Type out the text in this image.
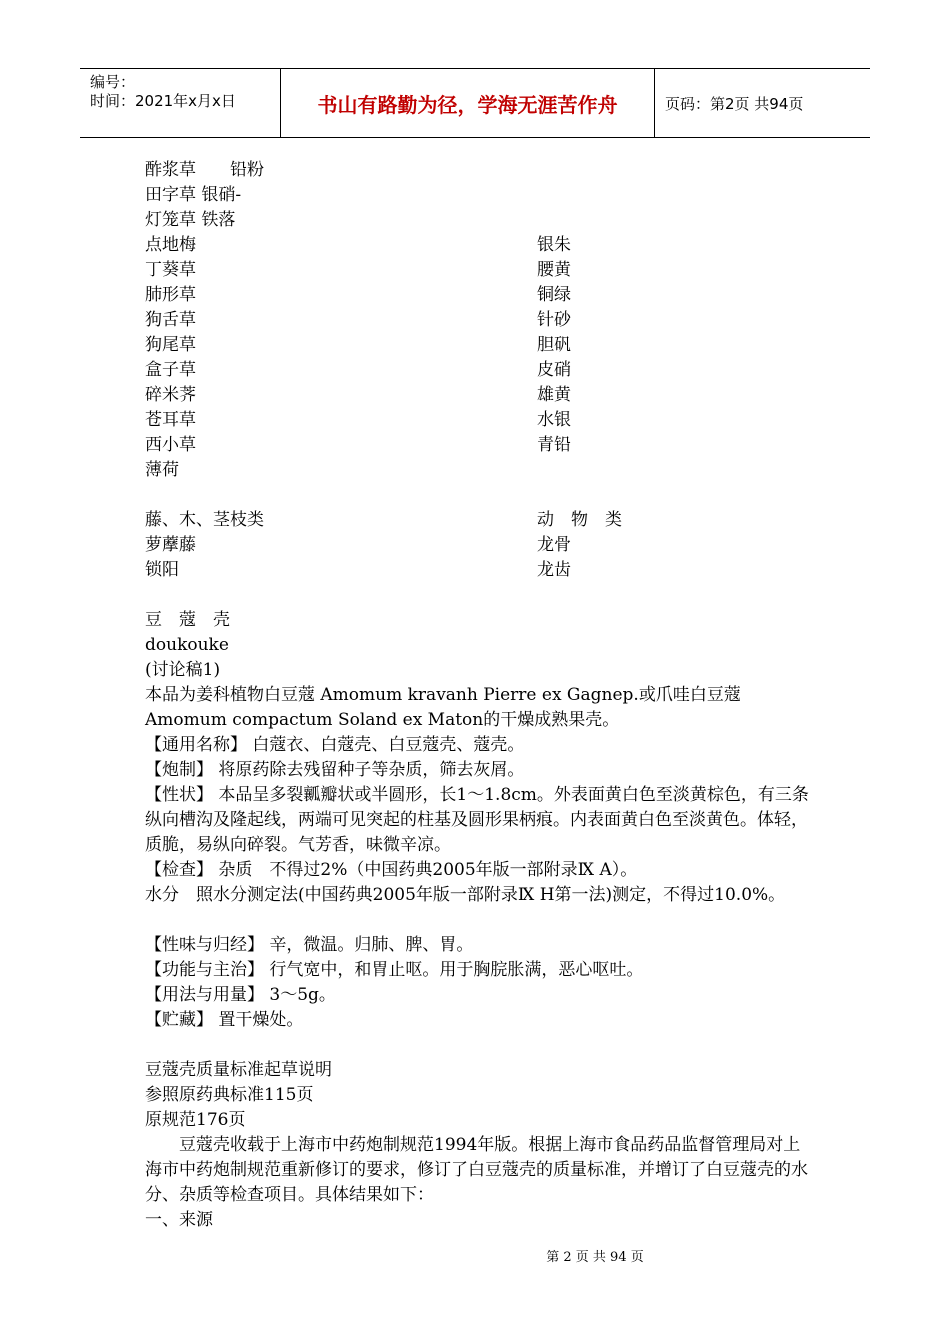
编号：
时间：2021年x月x日	书山有路勤为径，学海无涯苦作舟	页码：第2页 共94页
酢浆草　　铅粉
田字草 银硝-
灯笼草 铁落
点地梅
丁葵草
肺形草
狗舌草
狗尾草
盒子草
碎米荠
苍耳草
西小草
薄荷
银朱
腰黄
铜绿
针砂
胆矾
皮硝
雄黄
水银
青铅
藤、木、茎枝类
萝藦藤
锁阳
动　物　类
龙骨
龙齿
豆　蔻　壳
doukouke
(讨论稿1)
本品为姜科植物白豆蔻 Amomum kravanh Pierre ex Gagnep.或爪哇白豆蔻 Amomum compactum Soland ex Maton的干燥成熟果壳。
【通用名称】 白蔻衣、白蔻壳、白豆蔻壳、蔻壳。
【炮制】 将原药除去残留种子等杂质，筛去灰屑。
【性状】 本品呈多裂瓤瓣状或半圆形，长1～1.8cm。外表面黄白色至淡黄棕色，有三条纵向槽沟及隆起线，两端可见突起的柱基及圆形果柄痕。内表面黄白色至淡黄色。体轻，质脆，易纵向碎裂。气芳香，味微辛凉。
【检查】 杂质　不得过2%（中国药典2005年版一部附录Ⅸ A）。
水分　照水分测定法(中国药典2005年版一部附录Ⅸ H第一法)测定，不得过10.0%。
【性味与归经】 辛，微温。归肺、脾、胃。
【功能与主治】 行气宽中，和胃止呕。用于胸脘胀满，恶心呕吐。
【用法与用量】 3～5g。
【贮藏】 置干燥处。
豆蔻壳质量标准起草说明
参照原药典标准115页
原规范176页
　　豆蔻壳收载于上海市中药炮制规范1994年版。根据上海市食品药品监督管理局对上海市中药炮制规范重新修订的要求，修订了白豆蔻壳的质量标准，并增订了白豆蔻壳的水分、杂质等检查项目。具体结果如下：
一、来源
第 2 页 共 94 页
